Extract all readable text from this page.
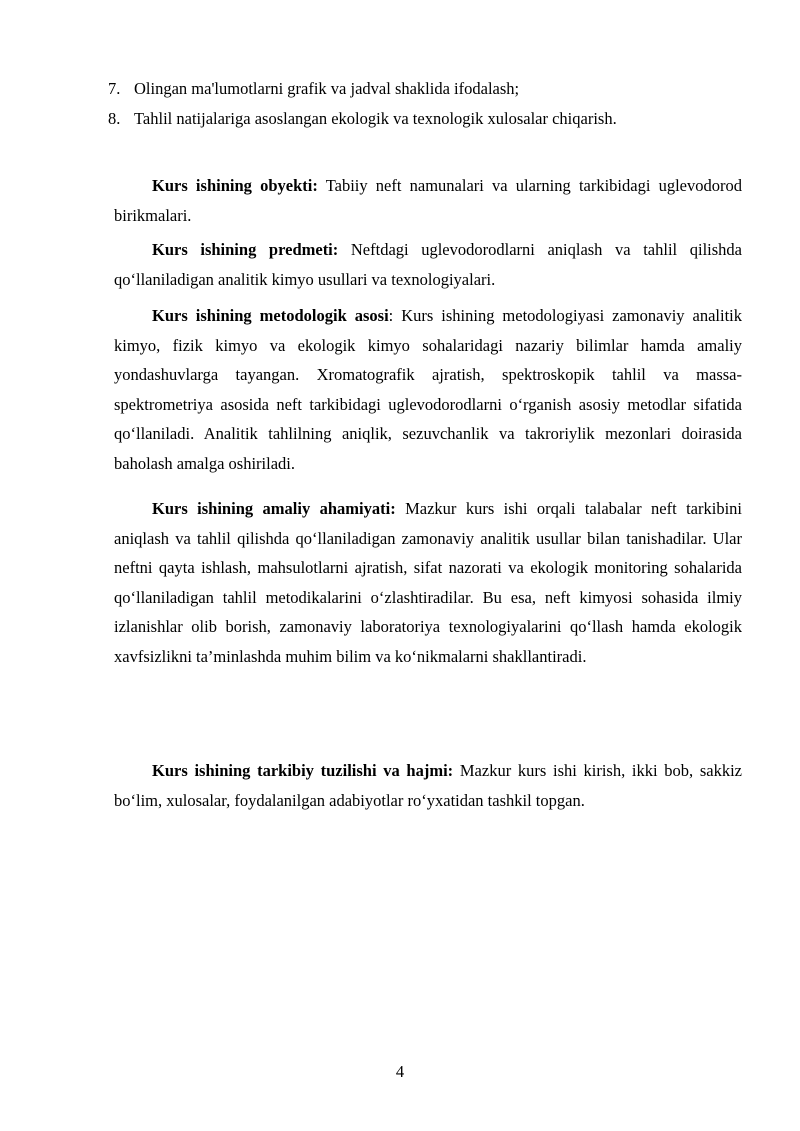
7. Olingan ma'lumotlarni grafik va jadval shaklida ifodalash;
8. Tahlil natijalariga asoslangan ekologik va texnologik xulosalar chiqarish.

Kurs ishining obyekti: Tabiiy neft namunalari va ularning tarkibidagi uglevodorod birikmalari.

Kurs ishining predmeti: Neftdagi uglevodorodlarni aniqlash va tahlil qilishda qo‘llaniladigan analitik kimyo usullari va texnologiyalari.

Kurs ishining metodologik asosi: Kurs ishining metodologiyasi zamonaviy analitik kimyo, fizik kimyo va ekologik kimyo sohalaridagi nazariy bilimlar hamda amaliy yondashuvlarga tayangan. Xromatografik ajratish, spektroskopik tahlil va massa-spektrometriya asosida neft tarkibidagi uglevodorodlarni o‘rganish asosiy metodlar sifatida qo‘llaniladi. Analitik tahlilning aniqlik, sezuvchanlik va takroriylik mezonlari doirasida baholash amalga oshiriladi.

Kurs ishining amaliy ahamiyati: Mazkur kurs ishi orqali talabalar neft tarkibini aniqlash va tahlil qilishda qo‘llaniladigan zamonaviy analitik usullar bilan tanishadilar. Ular neftni qayta ishlash, mahsulotlarni ajratish, sifat nazorati va ekologik monitoring sohalarida qo‘llaniladigan tahlil metodikalarini o‘zlashtiradilar. Bu esa, neft kimyosi sohasida ilmiy izlanishlar olib borish, zamonaviy laboratoriya texnologiyalarini qo‘llash hamda ekologik xavfsizlikni ta’minlashda muhim bilim va ko‘nikmalarni shakllantiradi.

Kurs ishining tarkibiy tuzilishi va hajmi: Mazkur kurs ishi kirish, ikki bob, sakkiz bo‘lim, xulosalar, foydalanilgan adabiyotlar ro‘yxatidan tashkil topgan.

4
